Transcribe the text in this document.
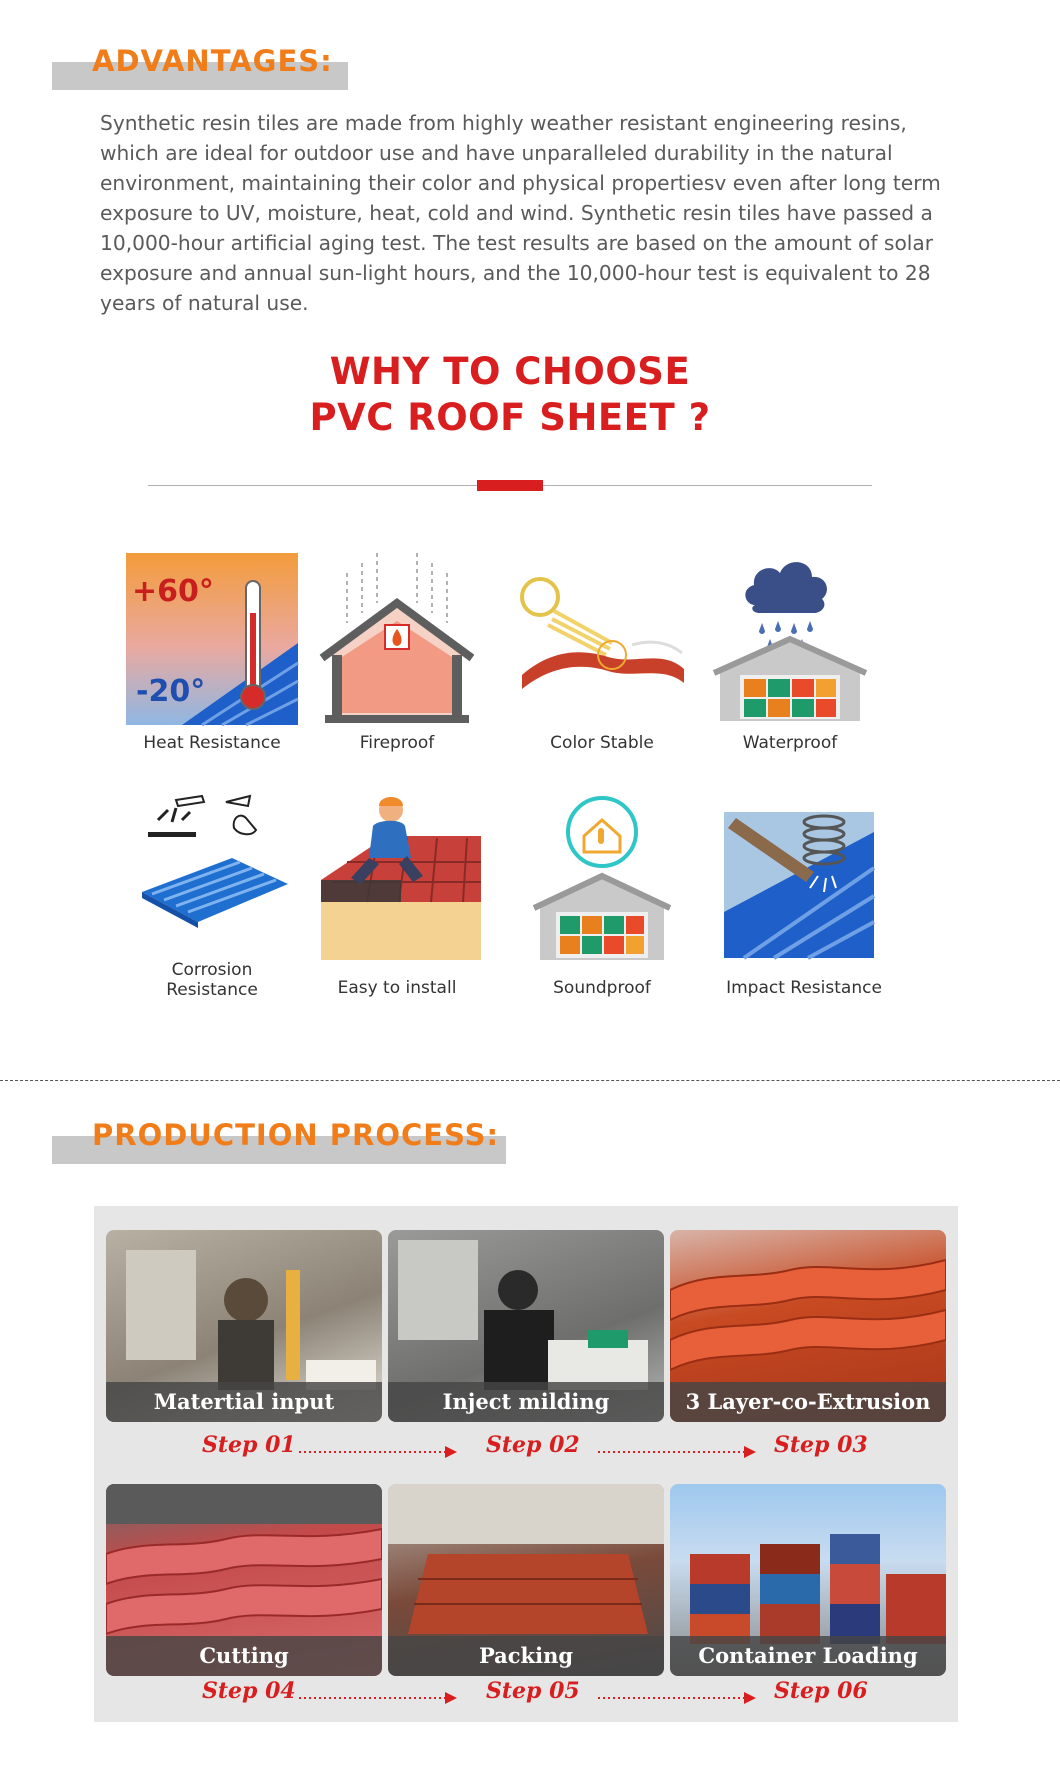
ADVANTAGES:

Synthetic resin tiles are made from highly weather resistant engineering resins, which are ideal for outdoor use and have unparalleled durability in the natural environment, maintaining their color and physical propertiesv even after long term exposure to UV, moisture, heat, cold and wind. Synthetic resin tiles have passed a 10,000-hour artificial aging test. The test results are based on the amount of solar exposure and annual sun-light hours, and the 10,000-hour test is equivalent to 28 years of natural use.

WHY TO CHOOSE
PVC ROOF SHEET ?
+60°
-20°
Heat Resistance	Fireproof	Color Stable	Waterproof
Corrosion
Resistance	Easy to install	Soundproof	Impact Resistance
PRODUCTION PROCESS:
Matertial input	Inject milding	3 Layer-co-Extrusion
Step 01	Step 02	Step 03
Cutting	Packing	Container Loading
Step 04	Step 05	Step 06
